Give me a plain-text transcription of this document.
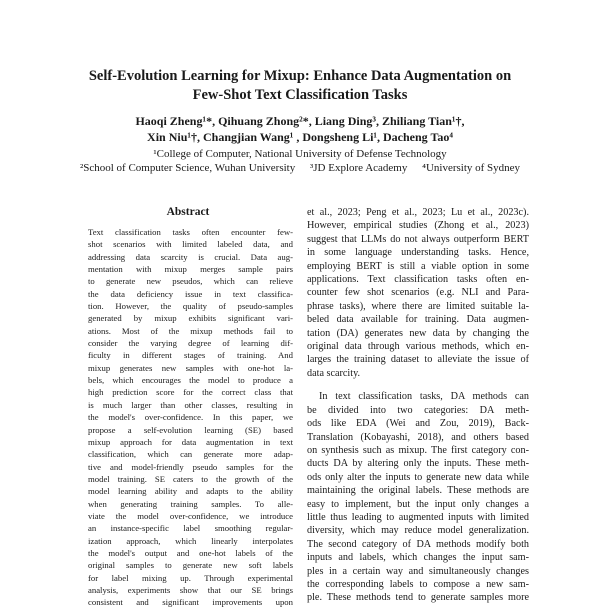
Self-Evolution Learning for Mixup: Enhance Data Augmentation on
Few-Shot Text Classification Tasks
Haoqi Zheng¹*, Qihuang Zhong²*, Liang Ding³, Zhiliang Tian¹†,
Xin Niu¹†, Changjian Wang¹ , Dongsheng Li¹, Dacheng Tao⁴
¹College of Computer, National University of Defense Technology
²School of Computer Science, Wuhan University ³JD Explore Academy ⁴University of Sydney
Abstract
Text classification tasks often encounter few-
shot scenarios with limited labeled data, and
addressing data scarcity is crucial. Data aug-
mentation with mixup merges sample pairs
to generate new pseudos, which can relieve
the data deficiency issue in text classifica-
tion. However, the quality of pseudo-samples
generated by mixup exhibits significant vari-
ations. Most of the mixup methods fail to
consider the varying degree of learning dif-
ficulty in different stages of training. And
mixup generates new samples with one-hot la-
bels, which encourages the model to produce a
high prediction score for the correct class that
is much larger than other classes, resulting in
the model's over-confidence. In this paper, we
propose a self-evolution learning (SE) based
mixup approach for data augmentation in text
classification, which can generate more adap-
tive and model-friendly pseudo samples for the
model training. SE caters to the growth of the
model learning ability and adapts to the ability
when generating training samples. To alle-
viate the model over-confidence, we introduce
an instance-specific label smoothing regular-
ization approach, which linearly interpolates
the model's output and one-hot labels of the
original samples to generate new soft labels
for label mixing up. Through experimental
analysis, experiments show that our SE brings
consistent and significant improvements upon
et al., 2023; Peng et al., 2023; Lu et al., 2023c).
However, empirical studies (Zhong et al., 2023)
suggest that LLMs do not always outperform BERT
in some language understanding tasks. Hence,
employing BERT is still a viable option in some
applications. Text classification tasks often en-
counter few shot scenarios (e.g. NLI and Para-
phrase tasks), where there are limited suitable la-
beled data available for training. Data augmen-
tation (DA) generates new data by changing the
original data through various methods, which en-
larges the training dataset to alleviate the issue of
data scarcity.
In text classification tasks, DA methods can
be divided into two categories: DA meth-
ods like EDA (Wei and Zou, 2019), Back-
Translation (Kobayashi, 2018), and others based
on synthesis such as mixup. The first category con-
ducts DA by altering only the inputs. These meth-
ods only alter the inputs to generate new data while
maintaining the original labels. These methods are
easy to implement, but the input only changes a
little thus leading to augmented inputs with limited
diversity, which may reduce model generalization.
The second category of DA methods modify both
inputs and labels, which changes the input sam-
ples in a certain way and simultaneously changes
the corresponding labels to compose a new sam-
ple. These methods tend to generate samples more
